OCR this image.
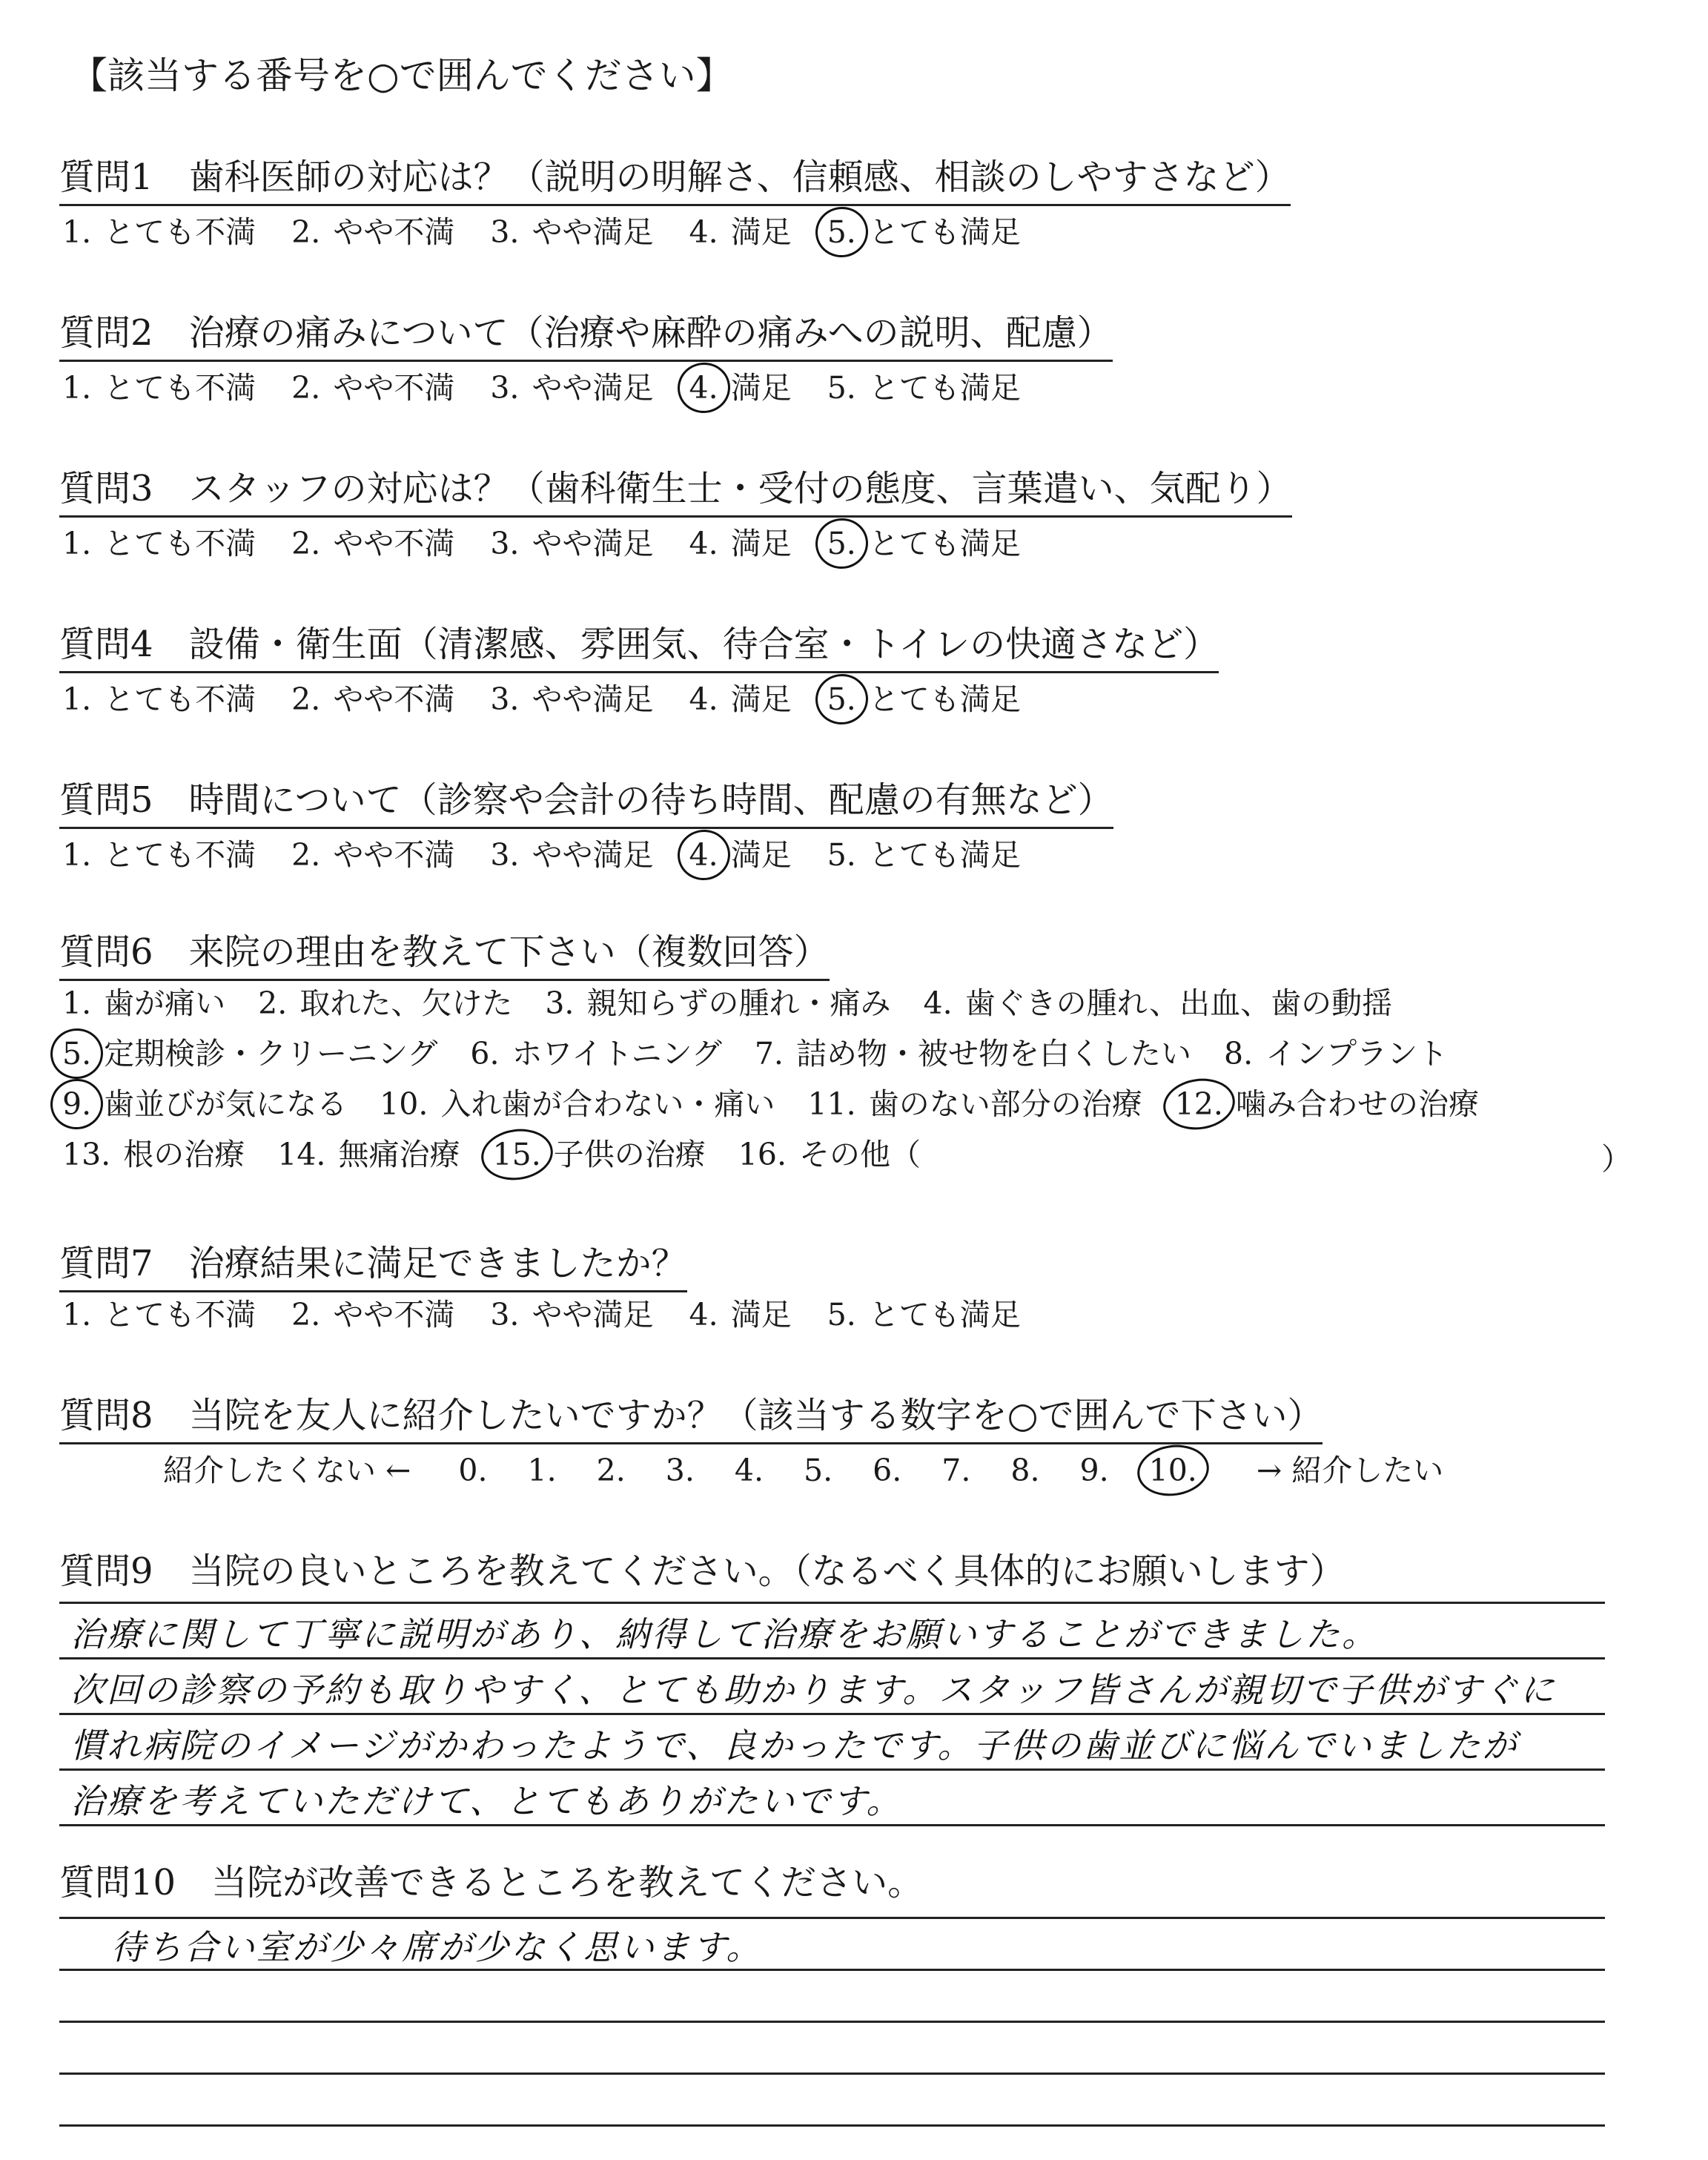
【該当する番号を○で囲んでください】
質問1　 歯科医師の対応は？（説明の明解さ、信頼感、相談のしやすさなど）
1. とても不満 2. やや不満 3. やや満足 4. 満足 5. とても満足
質問2　 治療の痛みについて（治療や麻酔の痛みへの説明、配慮）
1. とても不満 2. やや不満 3. やや満足 4. 満足 5. とても満足
質問3　 スタッフの対応は？（歯科衛生士・受付の態度、言葉遣い、気配り）
1. とても不満 2. やや不満 3. やや満足 4. 満足 5. とても満足
質問4　 設備・衛生面（清潔感、雰囲気、待合室・トイレの快適さなど）
1. とても不満 2. やや不満 3. やや満足 4. 満足 5. とても満足
質問5　 時間について（診察や会計の待ち時間、配慮の有無など）
1. とても不満 2. やや不満 3. やや満足 4. 満足 5. とても満足
質問6　 来院の理由を教えて下さい（複数回答）
1. 歯が痛い 2. 取れた、欠けた 3. 親知らずの腫れ・痛み 4. 歯ぐきの腫れ、出血、歯の動揺
5. 定期検診・クリーニング 6. ホワイトニング 7. 詰め物・被せ物を白くしたい 8. インプラント
9. 歯並びが気になる 10. 入れ歯が合わない・痛い 11. 歯のない部分の治療 12. 噛み合わせの治療
13. 根の治療 14. 無痛治療 15. 子供の治療 16. その他（	）
質問7　 治療結果に満足できましたか？
1. とても不満 2. やや不満 3. やや満足 4. 満足 5. とても満足
質問8　 当院を友人に紹介したいですか？（該当する数字を○で囲んで下さい）
紹介したくない ← 0. 1. 2. 3. 4. 5. 6. 7. 8. 9. 10. → 紹介したい
質問9　 当院の良いところを教えてください。（なるべく具体的にお願いします）
治療に関して丁寧に説明があり、納得して治療をお願いすることができました。
次回の診察の予約も取りやすく、とても助かります。スタッフ皆さんが親切で子供がすぐに
慣れ病院のイメージがかわったようで、良かったです。子供の歯並びに悩んでいましたが
治療を考えていただけて、とてもありがたいです。
質問10　 当院が改善できるところを教えてください。
待ち合い室が少々席が少なく思います。
